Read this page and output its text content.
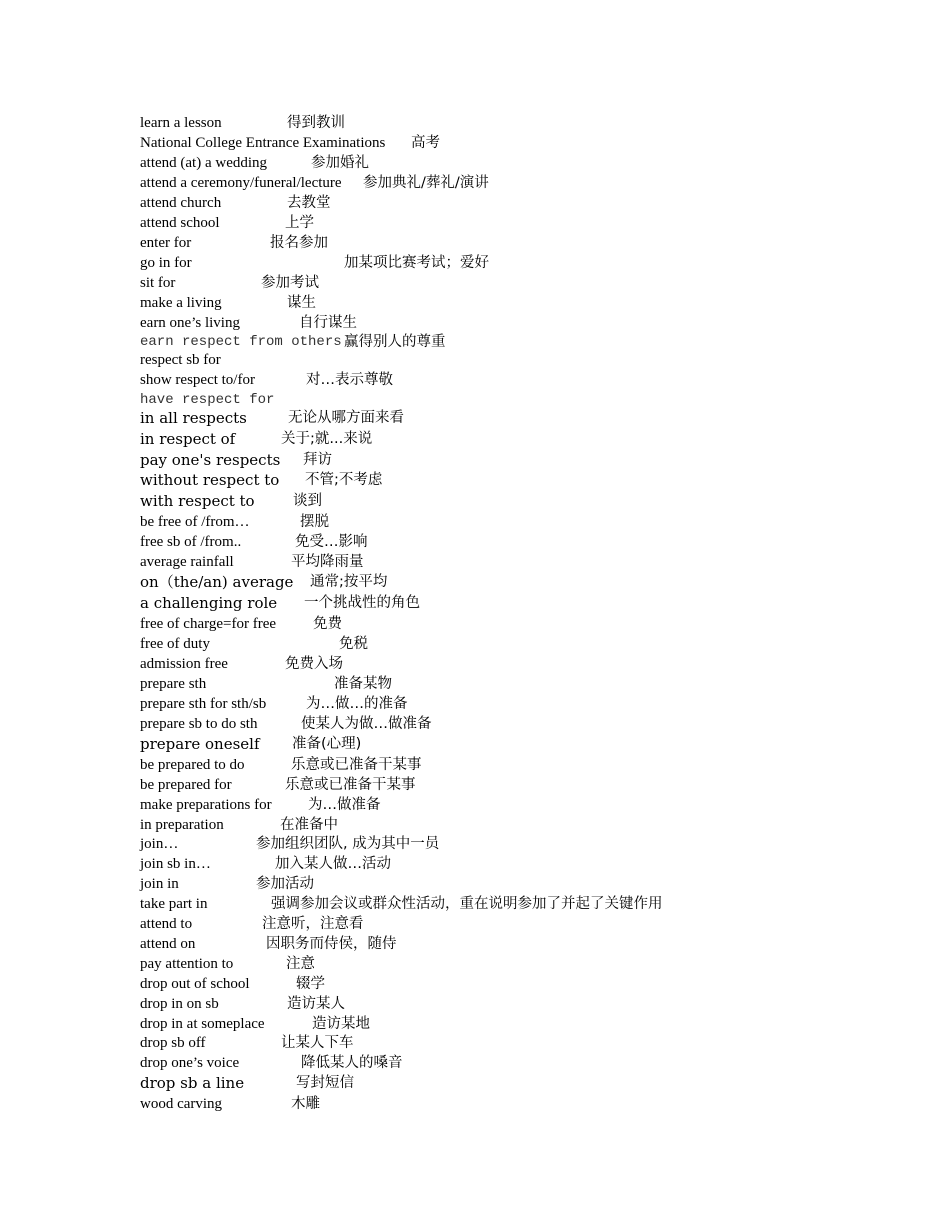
learn a lesson	得到教训
National College Entrance Examinations 高考
attend (at) a wedding	参加婚礼
attend a ceremony/funeral/lecture 参加典礼/葬礼/演讲
attend church	去教堂
attend school	上学
enter for	报名参加
go in for	加某项比赛考试；爱好
sit for	参加考试
make a living	谋生
earn one’s living	自行谋生
earn respect from others 赢得别人的尊重
respect sb for
show respect to/for	对…表示尊敬
have respect for
in all respects	无论从哪方面来看
in respect of	关于;就...来说
pay one's respects 拜访
without respect to 不管;不考虑
with respect to	谈到
be free of /from…	摆脱
free sb of /from..	免受…影响
average rainfall	平均降雨量
on（the/an) average 通常;按平均
a challenging role 一个挑战性的角色
free of charge=for free	免费
free of duty	免税
admission free	免费入场
prepare sth	准备某物
prepare sth for sth/sb	为…做…的准备
prepare sb to do sth	使某人为做…做准备
prepare oneself 准备(心理)
be prepared to do	乐意或已准备干某事
be prepared for	乐意或已准备干某事
make preparations for	为…做准备
in preparation	在准备中
join…	参加组织团队, 成为其中一员
join sb in…	加入某人做…活动
join in	参加活动
take part in	强调参加会议或群众性活动，重在说明参加了并起了关键作用
attend to	注意听，注意看
attend on	因职务而侍侯，随侍
pay attention to	注意
drop out of school	辍学
drop in on sb	造访某人
drop in at someplace	造访某地
drop sb off	让某人下车
drop one’s voice	降低某人的嗓音
drop sb a line	写封短信
wood carving	木雕
